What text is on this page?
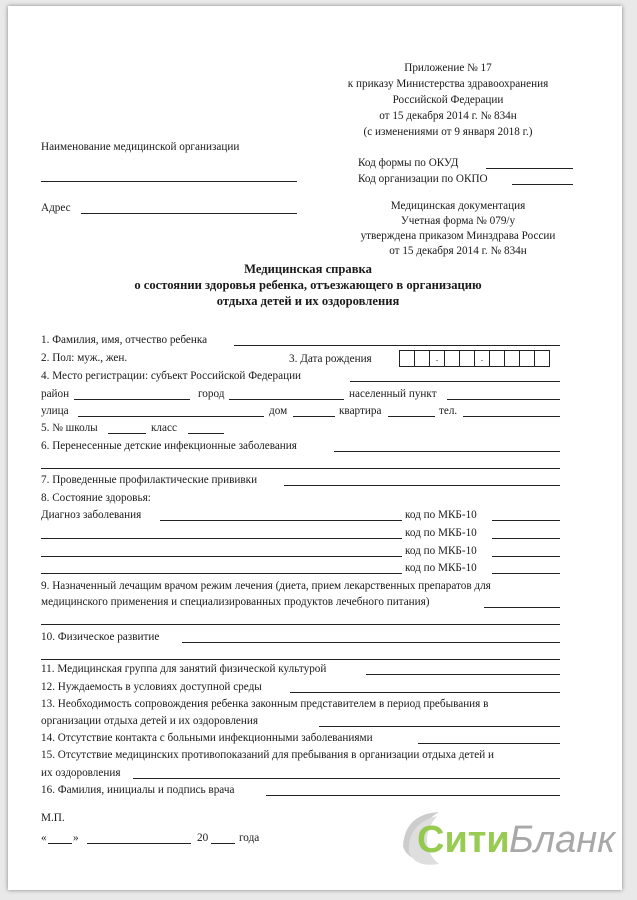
Приложение № 17
к приказу Министерства здравоохранения
Российской Федерации
от 15 декабря 2014 г. № 834н
(с изменениями от 9 января 2018 г.)
Наименование медицинской организации
Адрес
Код формы по ОКУД
Код организации по ОКПО
Медицинская документация
Учетная форма № 079/у
утверждена приказом Минздрава России
от 15 декабря 2014 г. № 834н
Медицинская справка
о состоянии здоровья ребенка, отъезжающего в организацию
отдыха детей и их оздоровления
1. Фамилия, имя, отчество ребенка
2. Пол: муж., жен.	3. Дата рождения	.	.
4. Место регистрации: субъект Российской Федерации
район	город	населенный пункт
улица	дом	квартира	тел.
5. № школы	класс
6. Перенесенные детские инфекционные заболевания
7. Проведенные профилактические прививки
8. Состояние здоровья:
Диагноз заболевания	код по МКБ-10
код по МКБ-10
код по МКБ-10
код по МКБ-10
9. Назначенный лечащим врачом режим лечения (диета, прием лекарственных препаратов для
медицинского применения и специализированных продуктов лечебного питания)
10. Физическое развитие
11. Медицинская группа для занятий физической культурой
12. Нуждаемость в условиях доступной среды
13. Необходимость сопровождения ребенка законным представителем в период пребывания в
организации отдыха детей и их оздоровления
14. Отсутствие контакта с больными инфекционными заболеваниями
15. Отсутствие медицинских противопоказаний для пребывания в организации отдыха детей и
их оздоровления
16. Фамилия, инициалы и подпись врача
М.П.
« »	20	года	Сити Бланк
